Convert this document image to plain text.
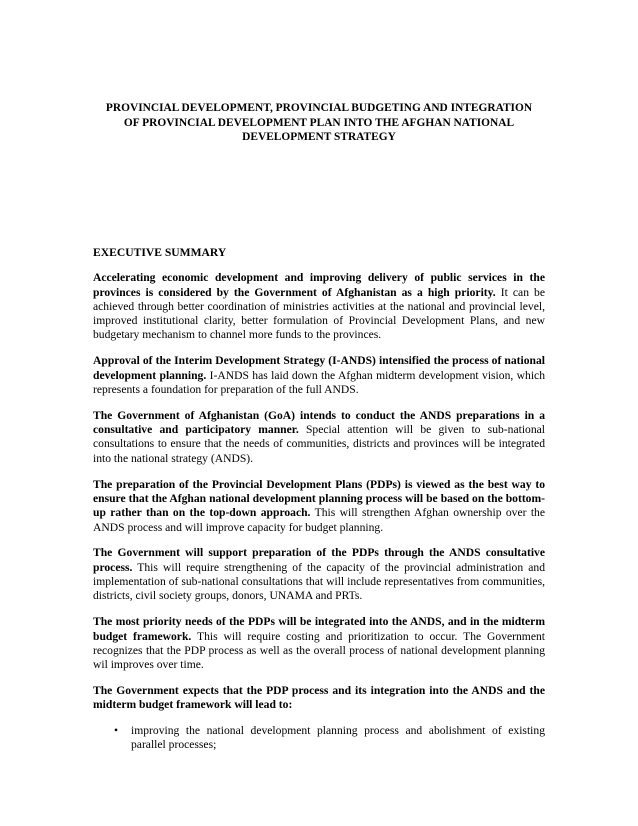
PROVINCIAL DEVELOPMENT, PROVINCIAL BUDGETING AND INTEGRATION
OF PROVINCIAL DEVELOPMENT PLAN INTO THE AFGHAN NATIONAL
DEVELOPMENT STRATEGY

EXECUTIVE SUMMARY

Accelerating economic development and improving delivery of public services in the provinces is considered by the Government of Afghanistan as a high priority. It can be achieved through better coordination of ministries activities at the national and provincial level, improved institutional clarity, better formulation of Provincial Development Plans, and new budgetary mechanism to channel more funds to the provinces.

Approval of the Interim Development Strategy (I-ANDS) intensified the process of national development planning. I-ANDS has laid down the Afghan midterm development vision, which represents a foundation for preparation of the full ANDS.

The Government of Afghanistan (GoA) intends to conduct the ANDS preparations in a consultative and participatory manner. Special attention will be given to sub-national consultations to ensure that the needs of communities, districts and provinces will be integrated into the national strategy (ANDS).

The preparation of the Provincial Development Plans (PDPs) is viewed as the best way to ensure that the Afghan national development planning process will be based on the bottom-up rather than on the top-down approach. This will strengthen Afghan ownership over the ANDS process and will improve capacity for budget planning.

The Government will support preparation of the PDPs through the ANDS consultative process. This will require strengthening of the capacity of the provincial administration and implementation of sub-national consultations that will include representatives from communities, districts, civil society groups, donors, UNAMA and PRTs.

The most priority needs of the PDPs will be integrated into the ANDS, and in the midterm budget framework. This will require costing and prioritization to occur. The Government recognizes that the PDP process as well as the overall process of national development planning wil improves over time.

The Government expects that the PDP process and its integration into the ANDS and the midterm budget framework will lead to:

• improving the national development planning process and abolishment of existing parallel processes;
